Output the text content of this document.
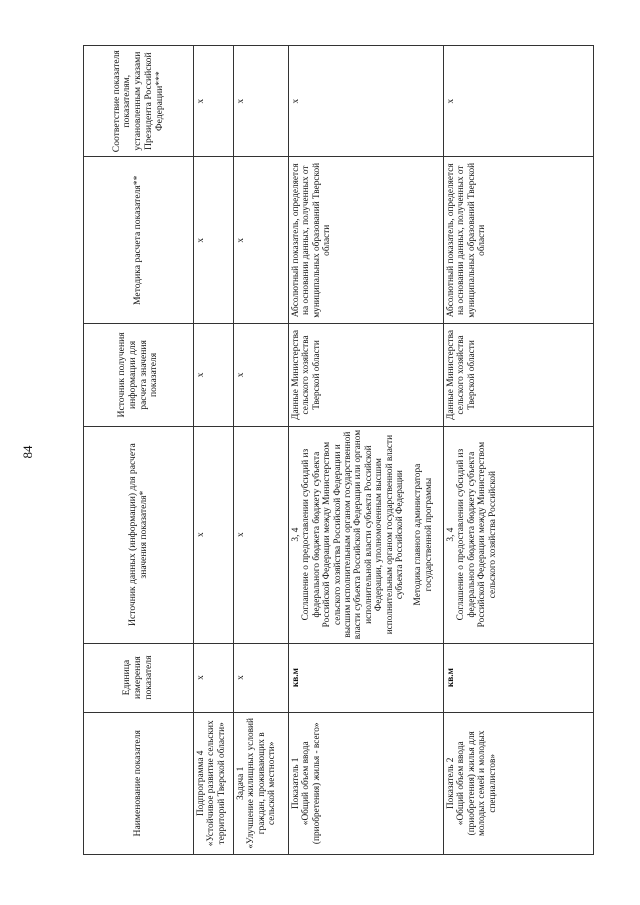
84
Наименование показателя	Единица измерения показателя	Источник данных (информации) для расчета значения показателя*	Источник получения информации для расчета значения показателя	Методика расчета показателя**	Соответствие показателя показателям, установленным указами Президента Российской Федерации***

Подпрограмма 4 «Устойчивое развитие сельских территорий Тверской области»	х	х	х	х	х

Задача 1 «Улучшение жилищных условий граждан, проживающих в сельской местности»	х	х	х	х	х

Показатель 1 «Общий объем ввода (приобретения) жилья - всего»	кв.м	3, 4 Соглашение о предоставлении субсидий из федерального бюджета бюджету субъекта Российской Федерации между Министерством сельского хозяйства Российской Федерации и высшим исполнительным органом государственной власти субъекта Российской Федерации или органом исполнительной власти субъекта Российской Федерации, уполномоченным высшим исполнительным органом государственной власти субъекта Российской Федерации Методика главного администратора государственной программы	Данные Министерства сельского хозяйства Тверской области	Абсолютный показатель, определяется на основании данных, полученных от муниципальных образований Тверской области	х

Показатель 2 «Общий объем ввода (приобретения) жилья для молодых семей и молодых специалистов»	кв.м	3, 4 Соглашение о предоставлении субсидий из федерального бюджета бюджету субъекта Российской Федерации между Министерством сельского хозяйства Российской	Данные Министерства сельского хозяйства Тверской области	Абсолютный показатель, определяется на основании данных, полученных от муниципальных образований Тверской области	х
